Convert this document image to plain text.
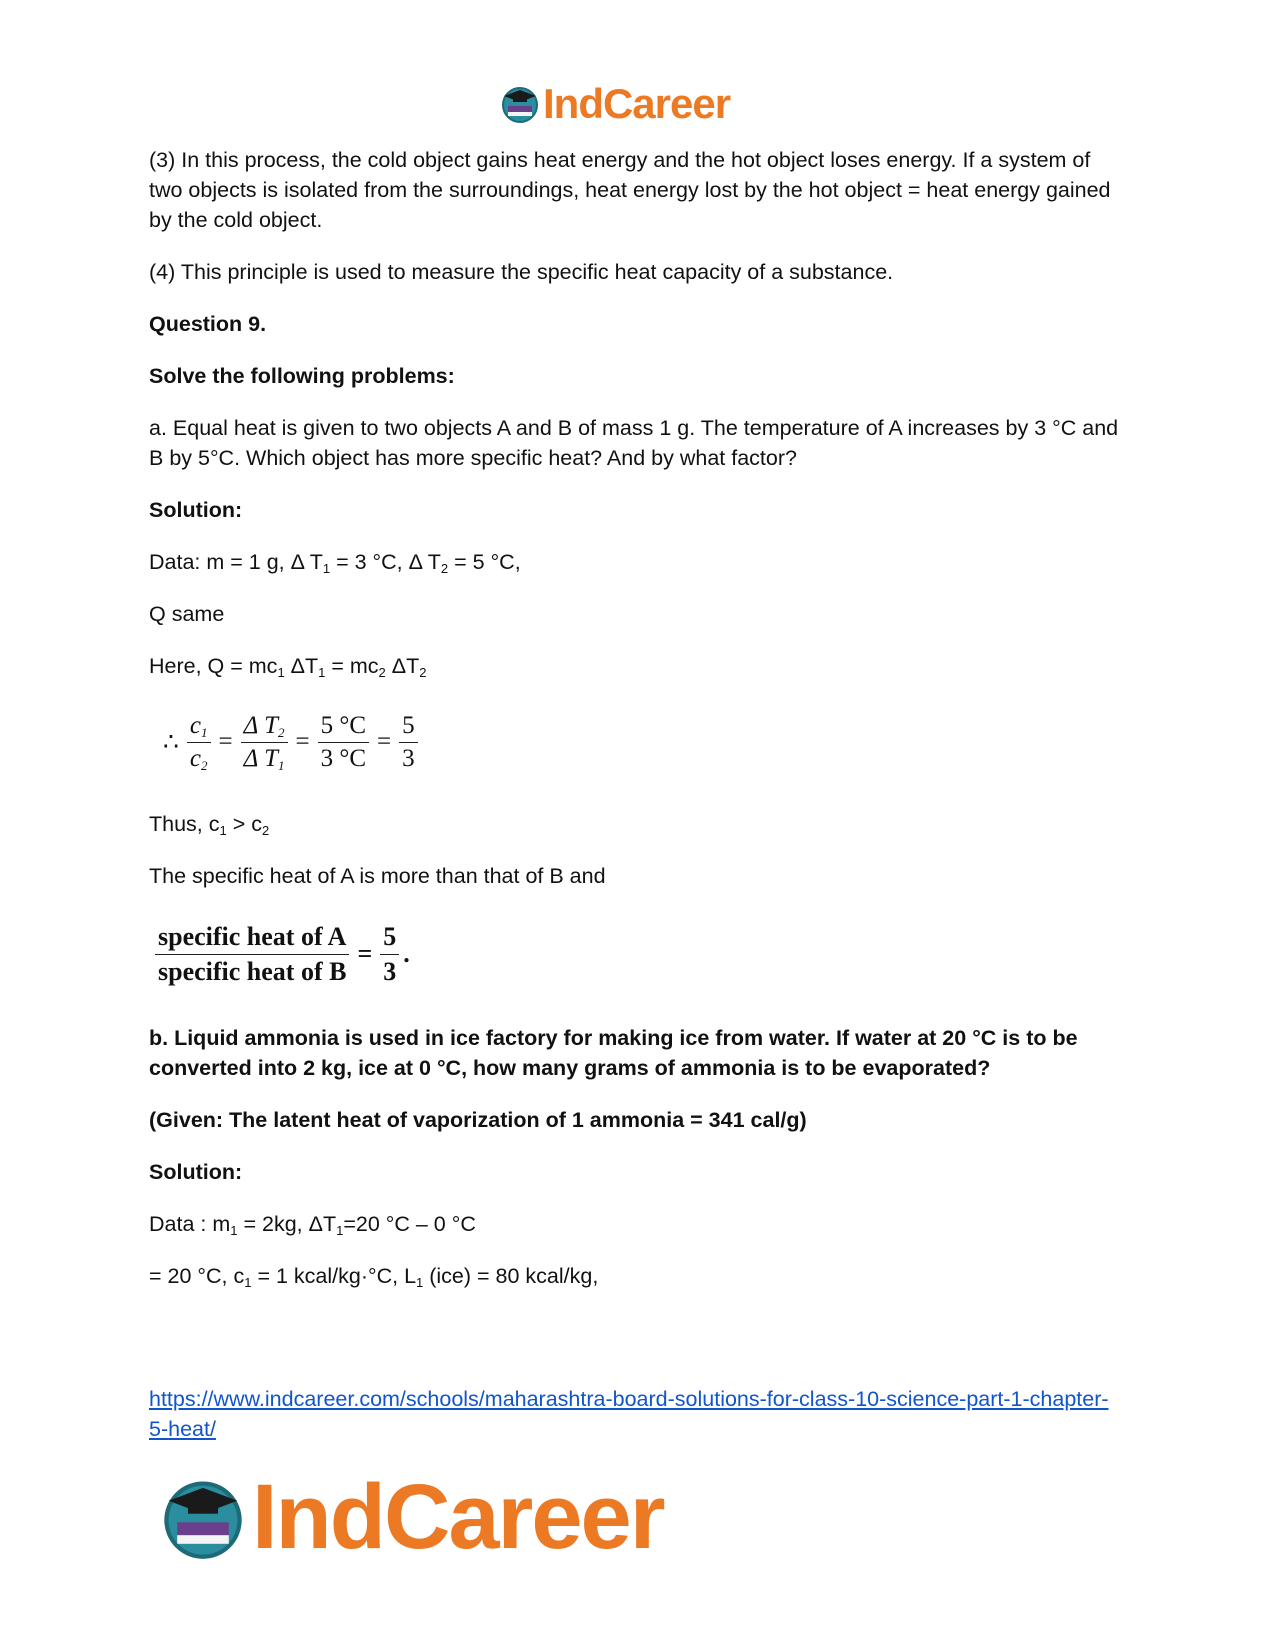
IndCareer

(3) In this process, the cold object gains heat energy and the hot object loses energy. If a system of two objects is isolated from the surroundings, heat energy lost by the hot object = heat energy gained by the cold object.

(4) This principle is used to measure the specific heat capacity of a substance.

Question 9.

Solve the following problems:

a. Equal heat is given to two objects A and B of mass 1 g. The temperature of A increases by 3 °C and B by 5°C. Which object has more specific heat? And by what factor?

Solution:

Data: m = 1 g, Δ $T_1 = 3$ °C, Δ $T_2 = 5$ °C,

Q same

Here, $Q = mc_1$ $\Delta T_1 = mc_2$ $\Delta T_2$

∴ $\frac{c_1}{c_2} = \frac{\Delta T_2}{\Delta T_1} = \frac{5 ^\circ C}{3 ^\circ C} = \frac{5}{3}$

Thus, $c_1 > c_2$

The specific heat of A is more than that of B and

$\frac{\text{specific heat of A}}{\text{specific heat of B}} = \frac{5}{3}$ .

b. Liquid ammonia is used in ice factory for making ice from water. If water at 20 °C is to be converted into 2 kg, ice at 0 °C, how many grams of ammonia is to be evaporated?

(Given: The latent heat of vaporization of 1 ammonia = 341 cal/g)

Solution:

Data : $m_1 = 2kg$, $\Delta T_1=20$ °C – 0 °C

= 20 °C, $c_1 = 1$ kcal/kg·°C, $L_1$ (ice) = 80 kcal/kg,

https://www.indcareer.com/schools/maharashtra-board-solutions-for-class-10-science-part-1-chapter-5-heat/
IndCareer
